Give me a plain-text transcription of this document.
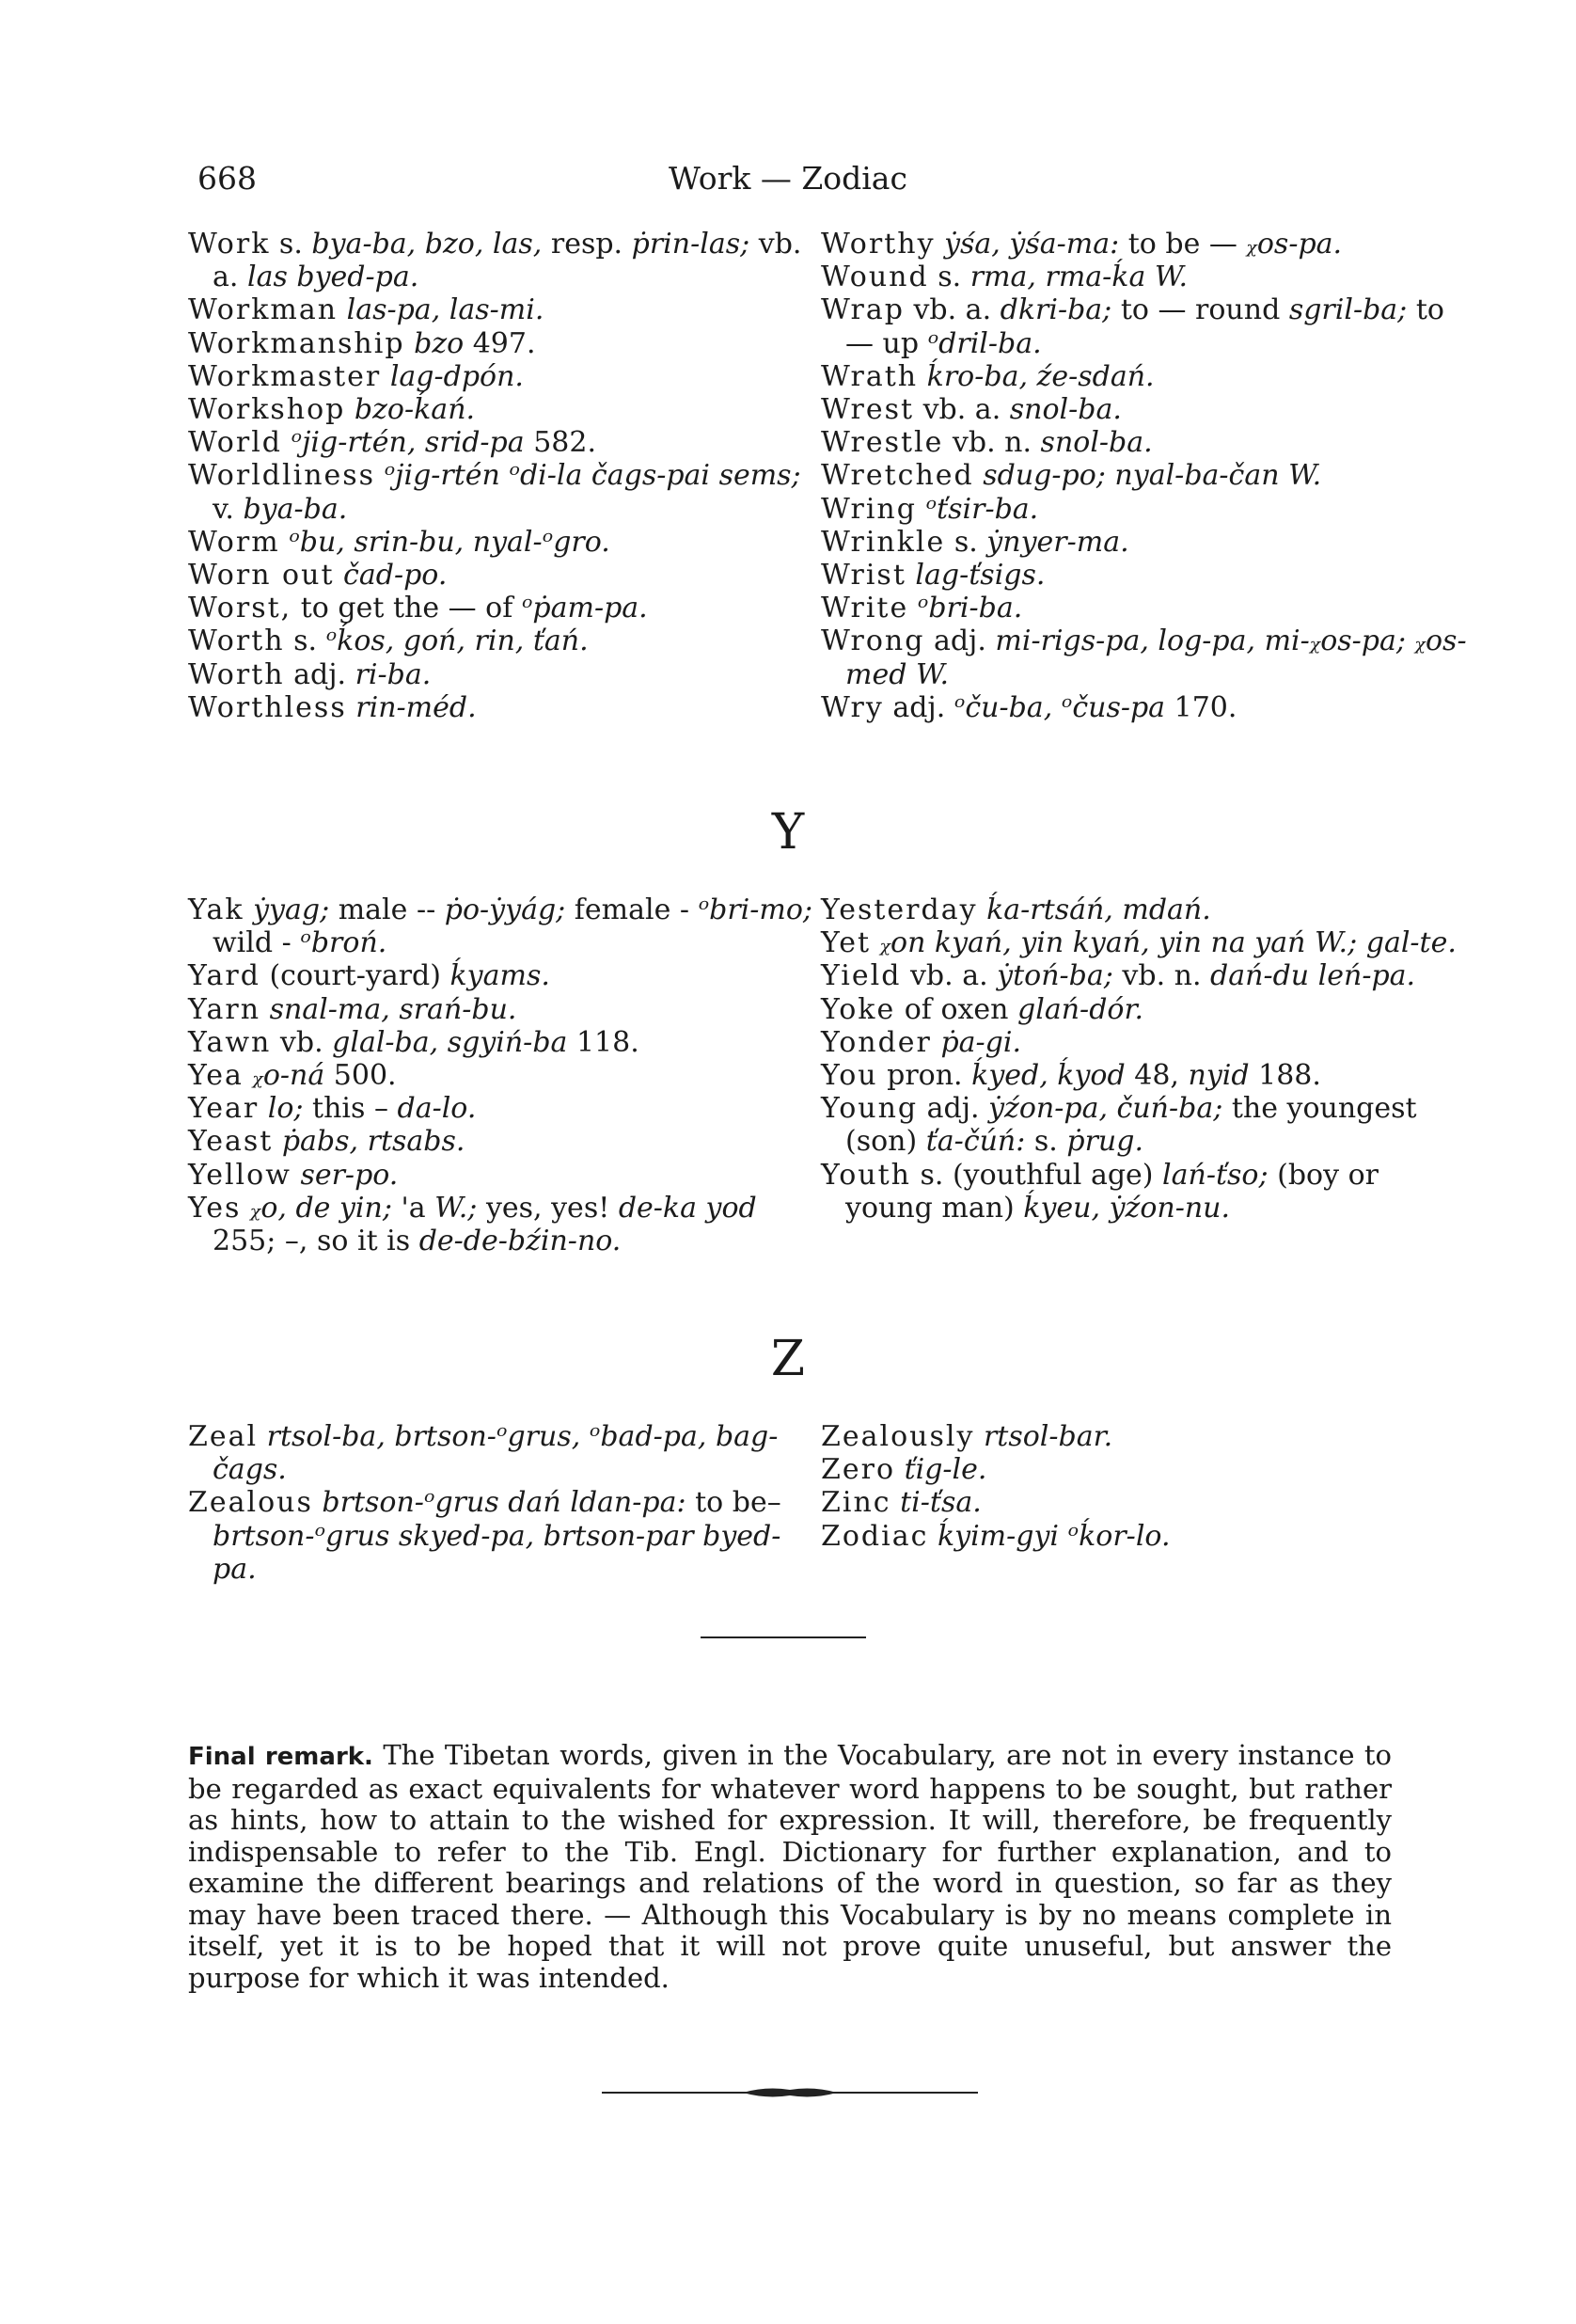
668	Work — Zodiac

Work s. bya-ba, bzo, las, resp. ṗrin-las; vb. a. las byed-pa.

Workman las-pa, las-mi.

Workmanship bzo 497.

Workmaster lag-dpón.

Workshop bzo-ḱań.

World ᵒjig-rtén, srid-pa 582.

Worldliness ᵒjig-rtén ᵒdi-la čags-pai sems; v. bya-ba.

Worm ᵒbu, srin-bu, nyal-ᵒgro.

Worn out čad-po.

Worst, to get the — of ᵒṗam-pa.

Worth s. ᵒḱos, goń, rin, ťań.

Worth adj. ri-ba.

Worthless rin-méd.

Worthy ẏśa, ẏśa-ma: to be — ᵪos-pa.

Wound s. rma, rma-ḱa W.

Wrap vb. a. dkri-ba; to — round sgril-ba; to — up ᵒdril-ba.

Wrath ḱro-ba, źe-sdań.

Wrest vb. a. snol-ba.

Wrestle vb. n. snol-ba.

Wretched sdug-po; nyal-ba-čan W.

Wring ᵒťsir-ba.

Wrinkle s. ẏnyer-ma.

Wrist lag-ťsigs.

Write ᵒbri-ba.

Wrong adj. mi-rigs-pa, log-pa, mi-ᵪos-pa; ᵪos-med W.

Wry adj. ᵒču-ba, ᵒčus-pa 170.

Y

Yak ẏyag; male -- ṗo-ẏyág; female - ᵒbri-mo; wild - ᵒbroń.

Yard (court-yard) ḱyams.

Yarn snal-ma, srań-bu.

Yawn vb. glal-ba, sgyiń-ba 118.

Yea ᵪo-ná 500.

Year lo; this – da-lo.

Yeast ṗabs, rtsabs.

Yellow ser-po.

Yes ᵪo, de yin; 'a W.; yes, yes! de-ka yod 255; –, so it is de-de-bźin-no.

Yesterday ḱa-rtsáń, mdań.

Yet ᵪon kyań, yin kyań, yin na yań W.; gal-te.

Yield vb. a. ẏtoń-ba; vb. n. dań-du leń-pa.

Yoke of oxen glań-dór.

Yonder ṗa-gi.

You pron. ḱyed, ḱyod 48, nyid 188.

Young adj. ẏźon-pa, čuń-ba; the youngest (son) ťa-čúń: s. ṗrug.

Youth s. (youthful age) lań-ťso; (boy or young man) ḱyeu, ẏźon-nu.

Z

Zeal rtsol-ba, brtson-ᵒgrus, ᵒbad-pa, bag-čags.

Zealous brtson-ᵒgrus dań ldan-pa: to be– brtson-ᵒgrus skyed-pa, brtson-par byed-pa.

Zealously rtsol-bar.

Zero ťig-le.

Zinc ti-ťsa.

Zodiac ḱyim-gyi ᵒḱor-lo.

Final remark. The Tibetan words, given in the Vocabulary, are not in every instance to be regarded as exact equivalents for whatever word happens to be sought, but rather as hints, how to attain to the wished for expression. It will, therefore, be frequently indispensable to refer to the Tib. Engl. Dictionary for further explanation, and to examine the different bearings and relations of the word in question, so far as they may have been traced there. — Although this Vocabulary is by no means complete in itself, yet it is to be hoped that it will not prove quite unuseful, but answer the purpose for which it was intended.
